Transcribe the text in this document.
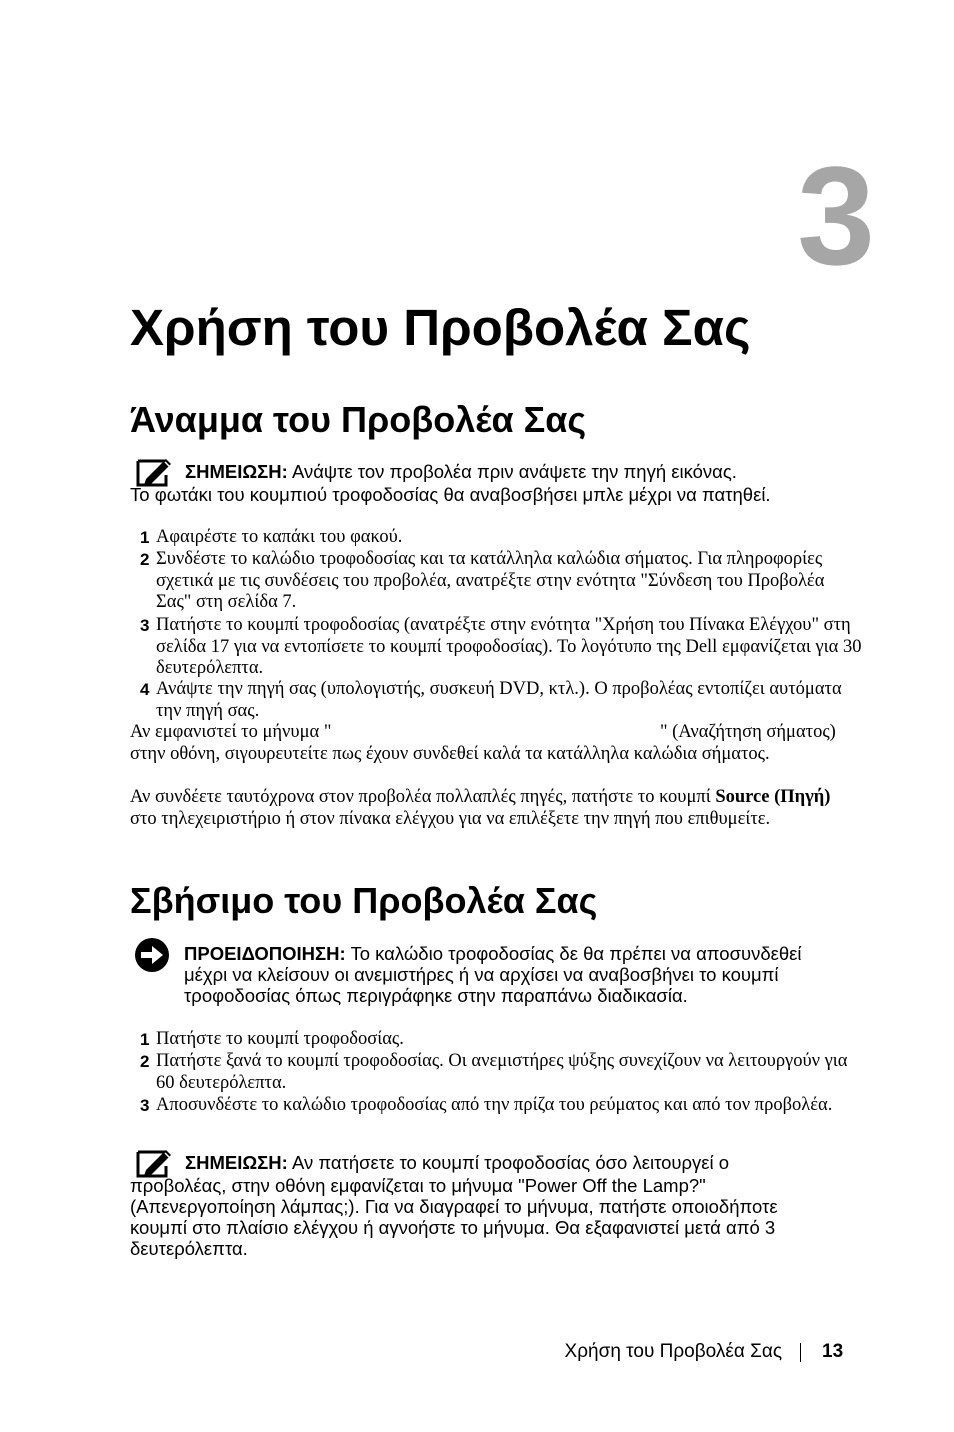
3
Χρήση του Προβολέα Σας
Άναμμα του Προβολέα Σας
ΣΗΜΕΙΩΣΗ: Ανάψτε τον προβολέα πριν ανάψετε την πηγή εικόνας.
Το φωτάκι του κουμπιού τροφοδοσίας θα αναβοσβήσει μπλε μέχρι να πατηθεί.
1 Αφαιρέστε το καπάκι του φακού.
2 Συνδέστε το καλώδιο τροφοδοσίας και τα κατάλληλα καλώδια σήματος. Για πληροφορίες σχετικά με τις συνδέσεις του προβολέα, ανατρέξτε στην ενότητα "Σύνδεση του Προβολέα Σας" στη σελίδα 7.
3 Πατήστε το κουμπί τροφοδοσίας (ανατρέξτε στην ενότητα "Χρήση του Πίνακα Ελέγχου" στη σελίδα 17 για να εντοπίσετε το κουμπί τροφοδοσίας). Το λογότυπο της Dell εμφανίζεται για 30 δευτερόλεπτα.
4 Ανάψτε την πηγή σας (υπολογιστής, συσκευή DVD, κτλ.). Ο προβολέας εντοπίζει αυτόματα την πηγή σας.
Αν εμφανιστεί το μήνυμα "	" (Αναζήτηση σήματος)
στην οθόνη, σιγουρευτείτε πως έχουν συνδεθεί καλά τα κατάλληλα καλώδια σήματος.
Αν συνδέετε ταυτόχρονα στον προβολέα πολλαπλές πηγές, πατήστε το κουμπί Source (Πηγή) στο τηλεχειριστήριο ή στον πίνακα ελέγχου για να επιλέξετε την πηγή που επιθυμείτε.
Σβήσιμο του Προβολέα Σας
ΠΡΟΕΙΔΟΠΟΙΗΣΗ: Το καλώδιο τροφοδοσίας δε θα πρέπει να αποσυνδεθεί μέχρι να κλείσουν οι ανεμιστήρες ή να αρχίσει να αναβοσβήνει το κουμπί τροφοδοσίας όπως περιγράφηκε στην παραπάνω διαδικασία.
1 Πατήστε το κουμπί τροφοδοσίας.
2 Πατήστε ξανά το κουμπί τροφοδοσίας. Οι ανεμιστήρες ψύξης συνεχίζουν να λειτουργούν για 60 δευτερόλεπτα.
3 Αποσυνδέστε το καλώδιο τροφοδοσίας από την πρίζα του ρεύματος και από τον προβολέα.
ΣΗΜΕΙΩΣΗ: Αν πατήσετε το κουμπί τροφοδοσίας όσο λειτουργεί ο
προβολέας, στην οθόνη εμφανίζεται το μήνυμα "Power Off the Lamp?" (Απενεργοποίηση λάμπας;). Για να διαγραφεί το μήνυμα, πατήστε οποιοδήποτε κουμπί στο πλαίσιο ελέγχου ή αγνοήστε το μήνυμα. Θα εξαφανιστεί μετά από 3 δευτερόλεπτα.
Χρήση του Προβολέα Σας 13
